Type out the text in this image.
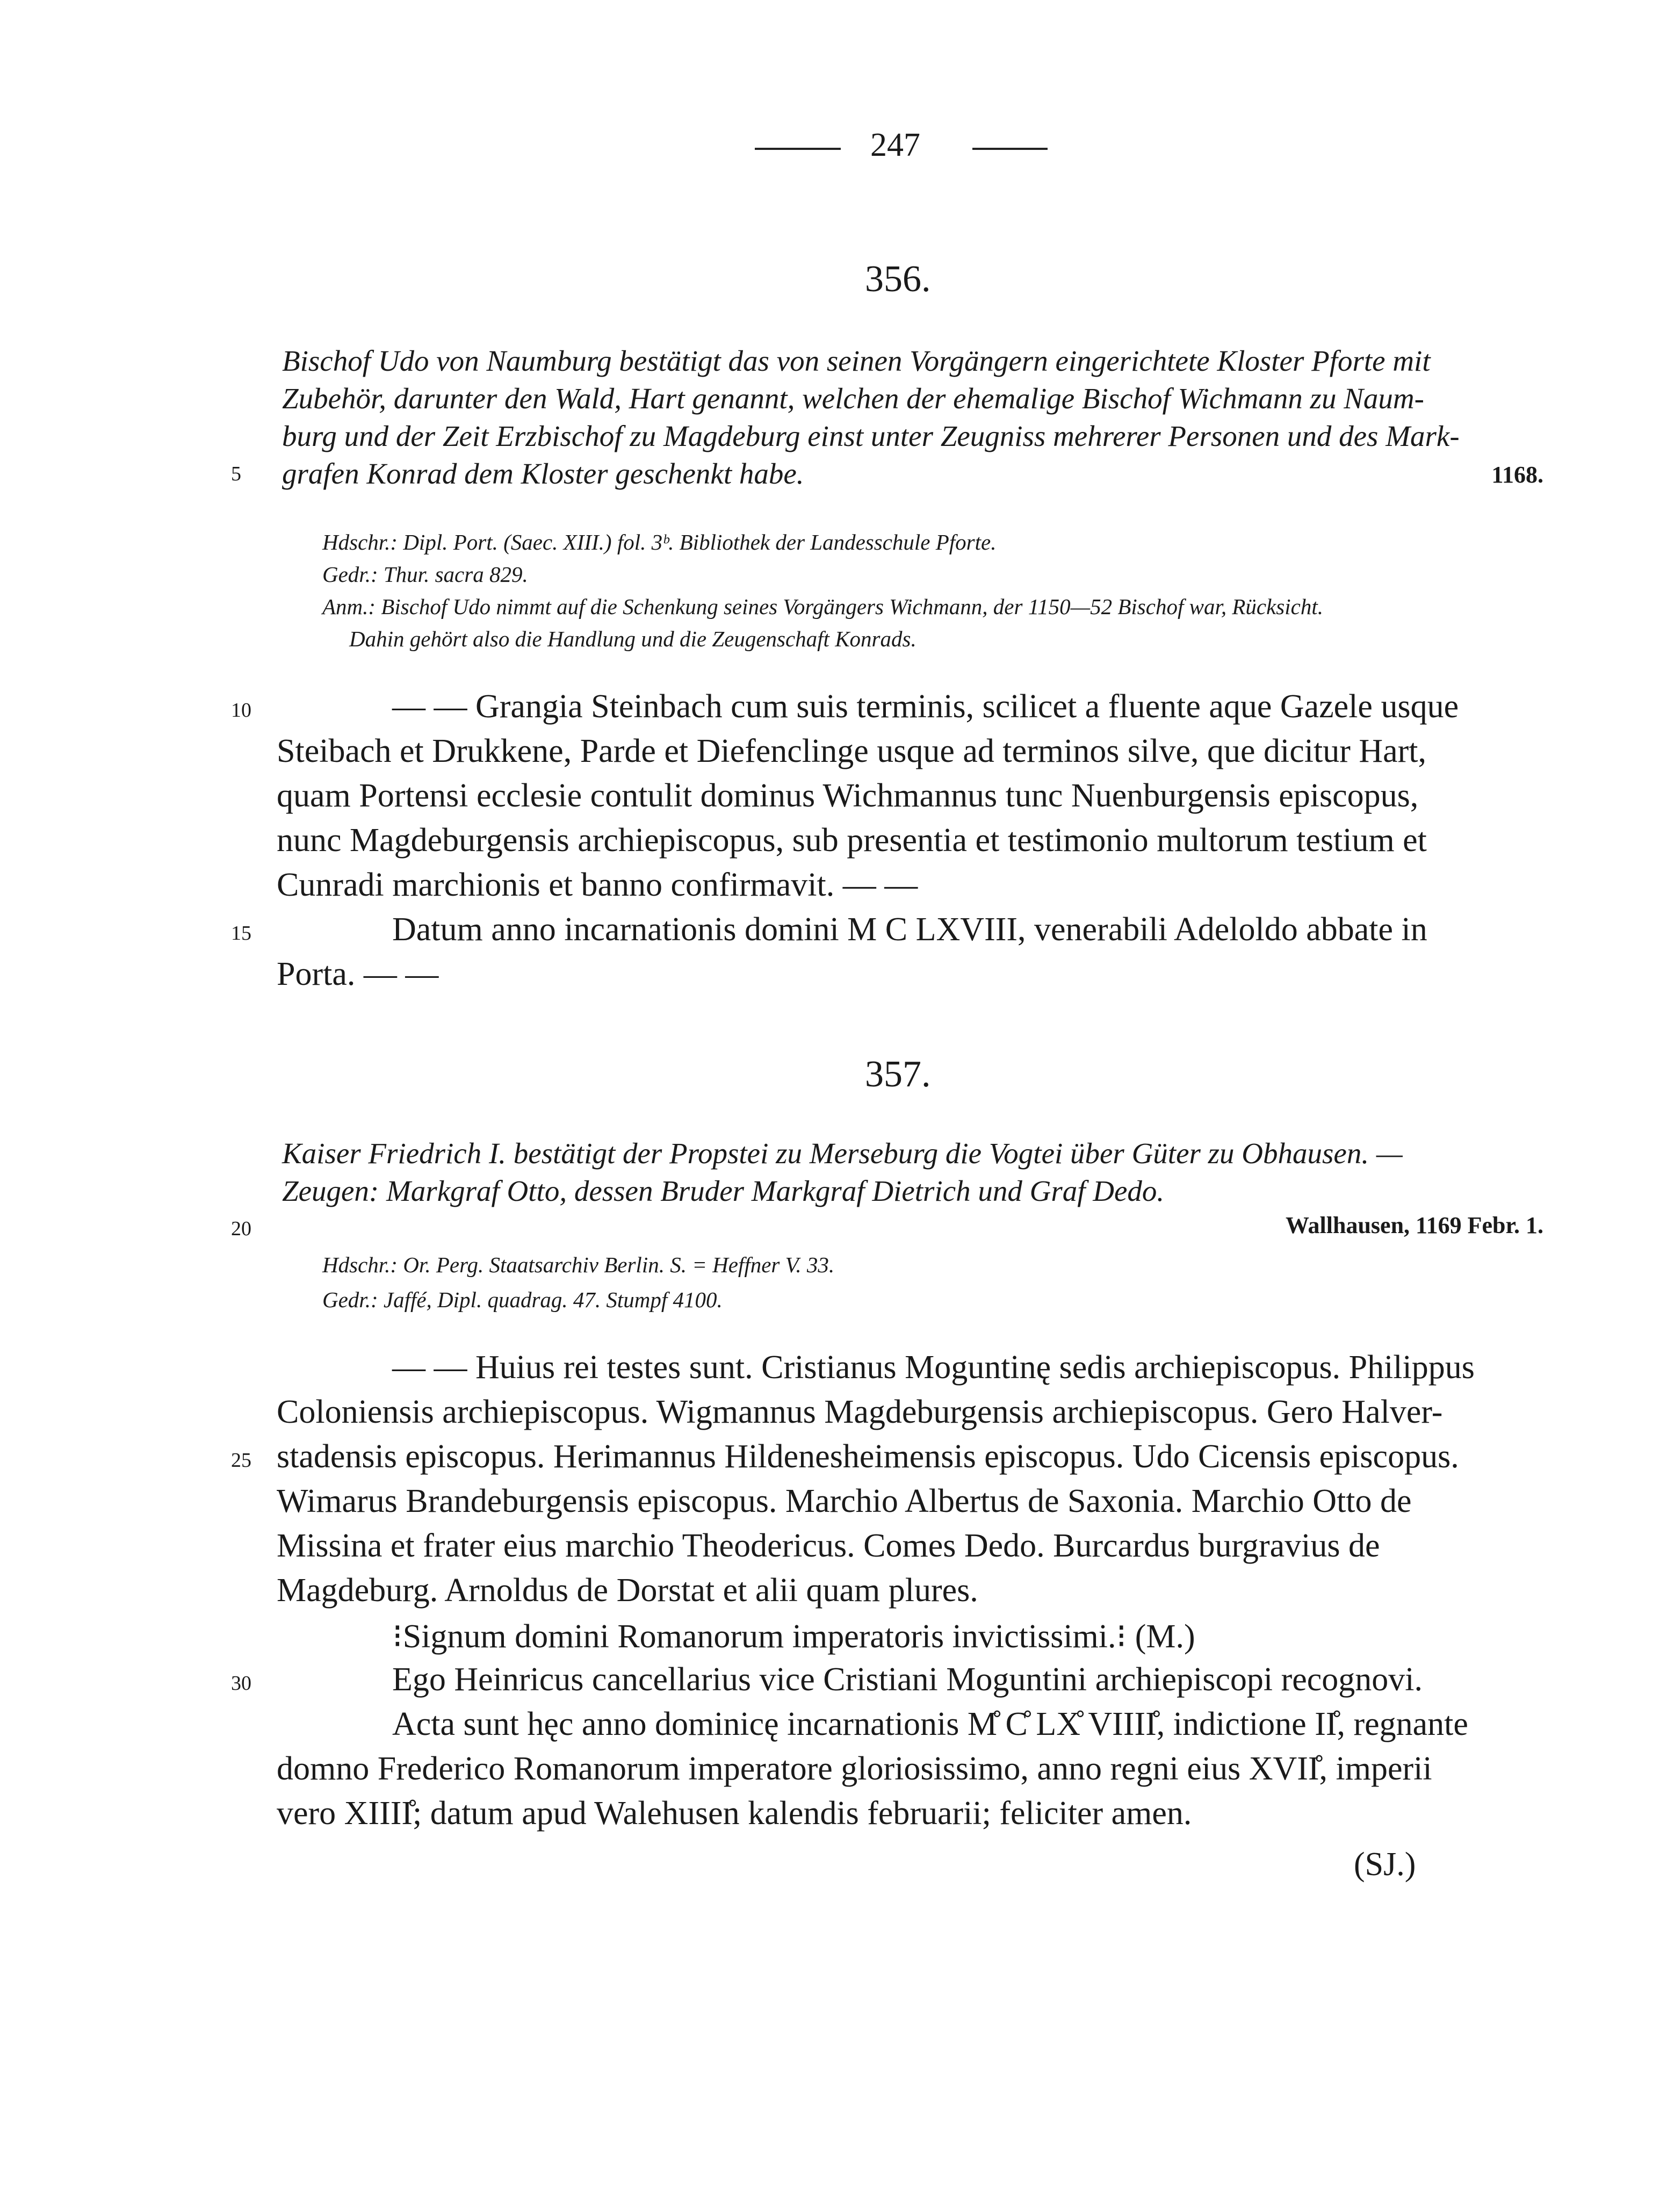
247
356.
Bischof Udo von Naumburg bestätigt das von seinen Vorgängern eingerichtete Kloster Pforte mit
Zubehör, darunter den Wald, Hart genannt, welchen der ehemalige Bischof Wichmann zu Naum-
burg und der Zeit Erzbischof zu Magdeburg einst unter Zeugniss mehrerer Personen und des Mark-
5 grafen Konrad dem Kloster geschenkt habe.	1168.
Hdschr.: Dipl. Port. (Saec. XIII.) fol. 3ᵇ. Bibliothek der Landesschule Pforte.
Gedr.: Thur. sacra 829.
Anm.: Bischof Udo nimmt auf die Schenkung seines Vorgängers Wichmann, der 1150—52 Bischof war, Rücksicht.
Dahin gehört also die Handlung und die Zeugenschaft Konrads.
10	— — Grangia Steinbach cum suis terminis, scilicet a fluente aque Gazele usque
Steibach et Drukkene, Parde et Diefenclinge usque ad terminos silve, que dicitur Hart,
quam Portensi ecclesie contulit dominus Wichmannus tunc Nuenburgensis episcopus,
nunc Magdeburgensis archiepiscopus, sub presentia et testimonio multorum testium et
Cunradi marchionis et banno confirmavit. — —
15	Datum anno incarnationis domini M C LXVIII, venerabili Adeloldo abbate in
Porta. — —
357.
Kaiser Friedrich I. bestätigt der Propstei zu Merseburg die Vogtei über Güter zu Obhausen. —
Zeugen: Markgraf Otto, dessen Bruder Markgraf Dietrich und Graf Dedo.
20	Wallhausen, 1169 Febr. 1.
Hdschr.: Or. Perg. Staatsarchiv Berlin. S. = Heffner V. 33.
Gedr.: Jaffé, Dipl. quadrag. 47. Stumpf 4100.
— — Huius rei testes sunt. Cristianus Moguntinę sedis archiepiscopus. Philippus
Coloniensis archiepiscopus. Wigmannus Magdeburgensis archiepiscopus. Gero Halver-
25 stadensis episcopus. Herimannus Hildenesheimensis episcopus. Udo Cicensis episcopus.
Wimarus Brandeburgensis episcopus. Marchio Albertus de Saxonia. Marchio Otto de
Missina et frater eius marchio Theodericus. Comes Dedo. Burcardus burgravius de
Magdeburg. Arnoldus de Dorstat et alii quam plures.
⁝Signum domini Romanorum imperatoris invictissimi.⁝ (M.)
30	Ego Heinricus cancellarius vice Cristiani Moguntini archiepiscopi recognovi.
Acta sunt hęc anno dominicę incarnationis M̊ C̊ LX̊ VIIII̊, indictione II̊, regnante
domno Frederico Romanorum imperatore gloriosissimo, anno regni eius XVII̊, imperii
vero XIIII̊; datum apud Walehusen kalendis februarii; feliciter amen.
(SJ.)
